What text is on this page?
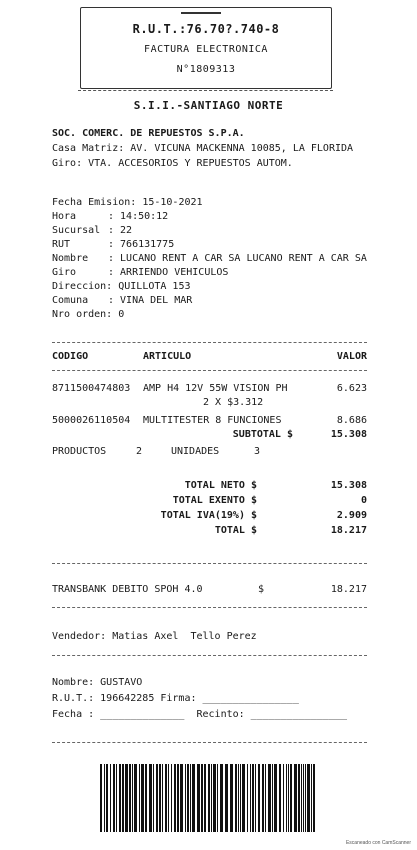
R.U.T.:76.70?.740-8
FACTURA ELECTRONICA
N°1809313
S.I.I.-SANTIAGO NORTE
SOC. COMERC. DE REPUESTOS S.P.A.
Casa Matriz: AV. VICUNA MACKENNA 10085, LA FLORIDA
Giro: VTA. ACCESORIOS Y REPUESTOS AUTOM.
Fecha Emision: 15-10-2021
Hora	: 14:50:12
Sucursal : 22
RUT	: 766131775
Nombre : LUCANO RENT A CAR SA LUCANO RENT A CAR SA
Giro	: ARRIENDO VEHICULOS
Direccion: QUILLOTA 153
Comuna : VINA DEL MAR
Nro orden: 0
CODIGO	ARTICULO	VALOR
8711500474803 AMP H4 12V 55W VISION PH	6.623
2 X $3.312
5000026110504 MULTITESTER 8 FUNCIONES	8.686
SUBTOTAL $	15.308
PRODUCTOS	2	UNIDADES	3
TOTAL NETO $	15.308
TOTAL EXENTO $	0
TOTAL IVA(19%) $	2.909
TOTAL $	18.217
TRANSBANK DEBITO SPOH 4.0	$	18.217
Vendedor: Matias Axel  Tello Perez
Nombre: GUSTAVO
R.U.T.: 196642285 Firma: ________________
Fecha : ______________  Recinto: ________________
Escaneado con CamScanner
